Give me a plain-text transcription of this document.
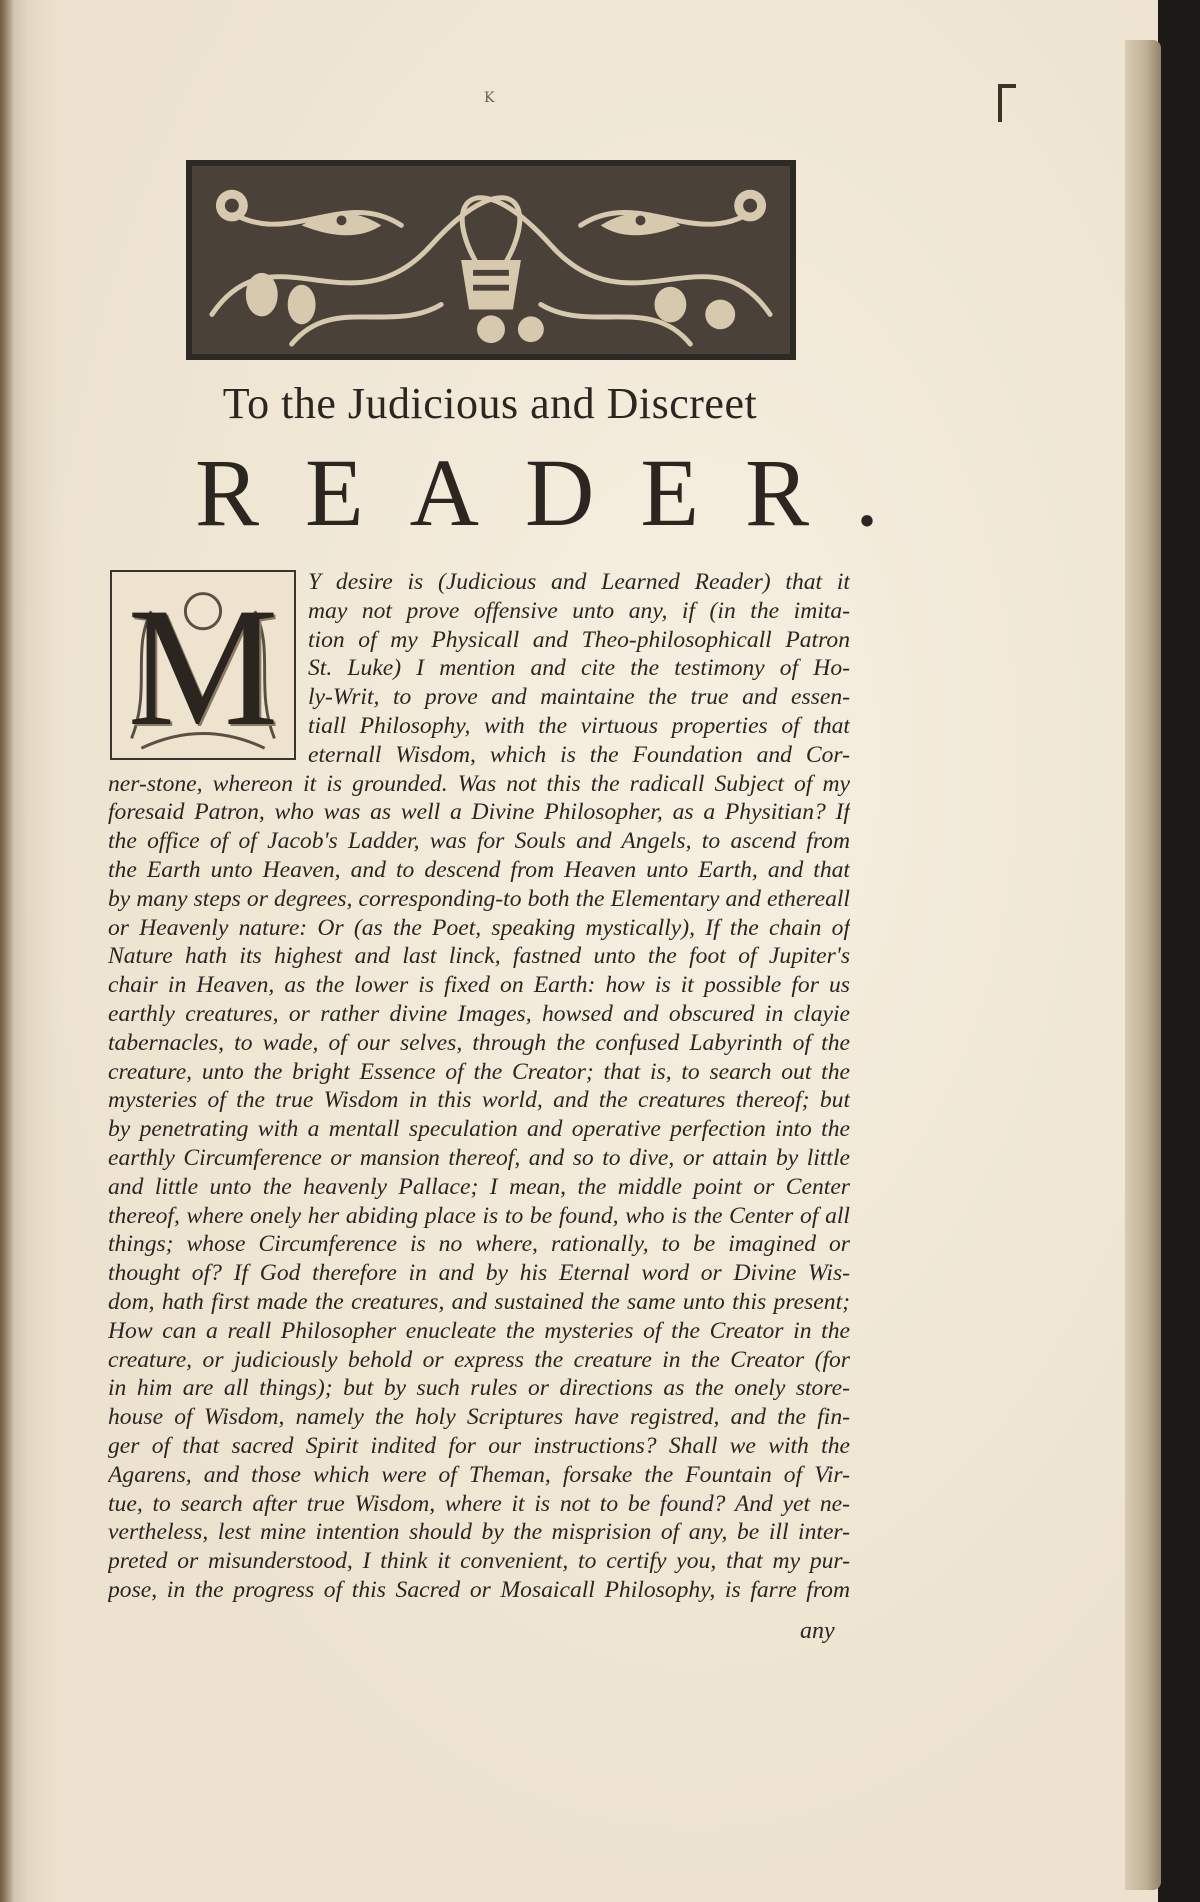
K
To the Judicious and Discreet
READER.
M	Y desire is (Judicious and Learned Reader) that it
may not prove offensive unto any, if (in the imita-
tion of my Physicall and Theo-philosophicall Patron
St. Luke) I mention and cite the testimony of Ho-
ly-Writ, to prove and maintaine the true and essen-
tiall Philosophy, with the virtuous properties of that
eternall Wisdom, which is the Foundation and Cor-
ner-stone, whereon it is grounded. Was not this the radicall Subject of my
foresaid Patron, who was as well a Divine Philosopher, as a Physitian? If
the office of of Jacob's Ladder, was for Souls and Angels, to ascend from
the Earth unto Heaven, and to descend from Heaven unto Earth, and that
by many steps or degrees, corresponding-to both the Elementary and ethereall
or Heavenly nature: Or (as the Poet, speaking mystically), If the chain of
Nature hath its highest and last linck, fastned unto the foot of Jupiter's
chair in Heaven, as the lower is fixed on Earth: how is it possible for us
earthly creatures, or rather divine Images, howsed and obscured in clayie
tabernacles, to wade, of our selves, through the confused Labyrinth of the
creature, unto the bright Essence of the Creator; that is, to search out the
mysteries of the true Wisdom in this world, and the creatures thereof; but
by penetrating with a mentall speculation and operative perfection into the
earthly Circumference or mansion thereof, and so to dive, or attain by little
and little unto the heavenly Pallace; I mean, the middle point or Center
thereof, where onely her abiding place is to be found, who is the Center of all
things; whose Circumference is no where, rationally, to be imagined or
thought of? If God therefore in and by his Eternal word or Divine Wis-
dom, hath first made the creatures, and sustained the same unto this present;
How can a reall Philosopher enucleate the mysteries of the Creator in the
creature, or judiciously behold or express the creature in the Creator (for
in him are all things); but by such rules or directions as the onely store-
house of Wisdom, namely the holy Scriptures have registred, and the fin-
ger of that sacred Spirit indited for our instructions? Shall we with the
Agarens, and those which were of Theman, forsake the Fountain of Vir-
tue, to search after true Wisdom, where it is not to be found? And yet ne-
vertheless, lest mine intention should by the misprision of any, be ill inter-
preted or misunderstood, I think it convenient, to certify you, that my pur-
pose, in the progress of this Sacred or Mosaicall Philosophy, is farre from
any
